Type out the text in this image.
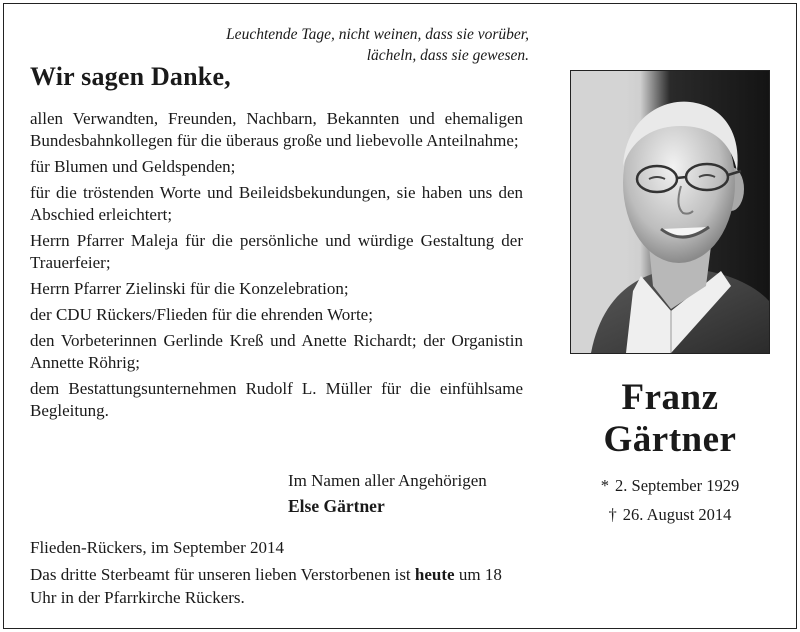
Leuchtende Tage, nicht weinen, dass sie vorüber,
lächeln, dass sie gewesen.
Wir sagen Danke,
allen Verwandten, Freunden, Nachbarn, Bekannten und ehemaligen Bundesbahnkollegen für die überaus große und liebevolle Anteilnahme;
für Blumen und Geldspenden;
für die tröstenden Worte und Beileidsbekundungen, sie haben uns den Abschied erleichtert;
Herrn Pfarrer Maleja für die persönliche und würdige Gestaltung der Trauerfeier;
Herrn Pfarrer Zielinski für die Konzelebration;
der CDU Rückers/Flieden für die ehrenden Worte;
den Vorbeterinnen Gerlinde Kreß und Anette Richardt; der Organistin Annette Röhrig;
dem Bestattungsunternehmen Rudolf L. Müller für die einfühlsame Begleitung.
Im Namen aller Angehörigen
Else Gärtner
Flieden-Rückers, im September 2014
Das dritte Sterbeamt für unseren lieben Verstorbenen ist heute um 18 Uhr in der Pfarrkirche Rückers.
Franz
Gärtner
* 2. September 1929
† 26. August 2014
